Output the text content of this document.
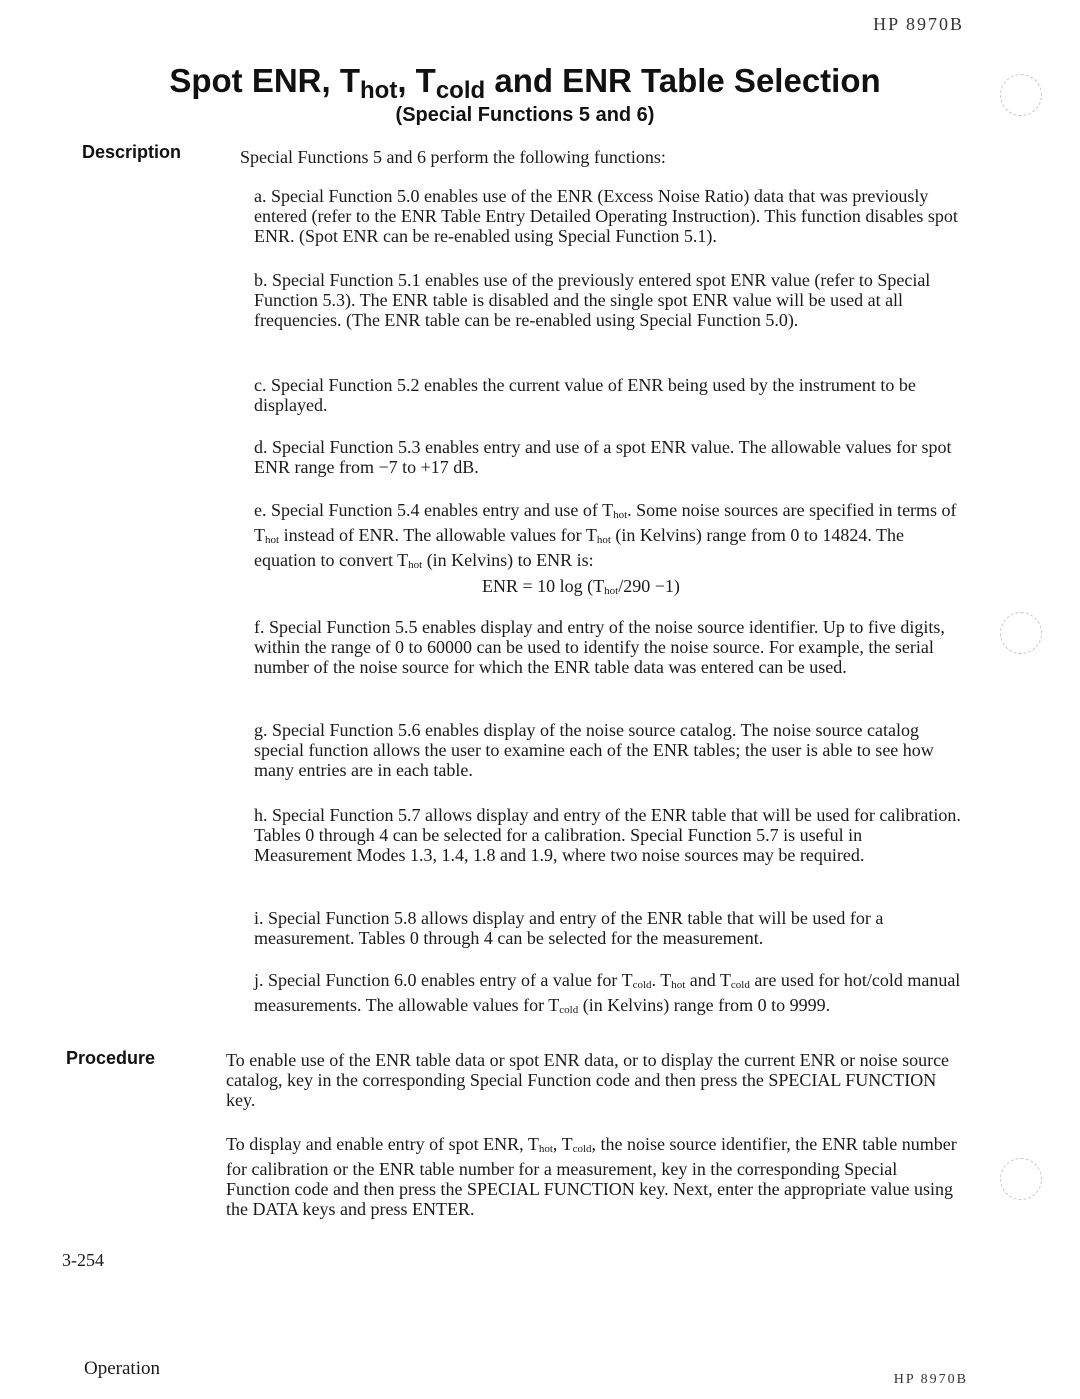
HP 8970B
Spot ENR, $T_{hot}$, $T_{cold}$ and ENR Table Selection
(Special Functions 5 and 6)
Description	Special Functions 5 and 6 perform the following functions:
a. Special Function 5.0 enables use of the ENR (Excess Noise Ratio) data that was previously entered (refer to the ENR Table Entry Detailed Operating Instruction). This function disables spot ENR. (Spot ENR can be re-enabled using Special Function 5.1).
b. Special Function 5.1 enables use of the previously entered spot ENR value (refer to Special Function 5.3). The ENR table is disabled and the single spot ENR value will be used at all frequencies. (The ENR table can be re-enabled using Special Function 5.0).
c. Special Function 5.2 enables the current value of ENR being used by the instrument to be displayed.
d. Special Function 5.3 enables entry and use of a spot ENR value. The allowable values for spot ENR range from −7 to +17 dB.
e. Special Function 5.4 enables entry and use of $T_{hot}$. Some noise sources are specified in terms of $T_{hot}$ instead of ENR. The allowable values for $T_{hot}$ (in Kelvins) range from 0 to 14824. The equation to convert $T_{hot}$ (in Kelvins) to ENR is:
ENR = 10 $\log (T_{hot}/290 -1)$
f. Special Function 5.5 enables display and entry of the noise source identifier. Up to five digits, within the range of 0 to 60000 can be used to identify the noise source. For example, the serial number of the noise source for which the ENR table data was entered can be used.
g. Special Function 5.6 enables display of the noise source catalog. The noise source catalog special function allows the user to examine each of the ENR tables; the user is able to see how many entries are in each table.
h. Special Function 5.7 allows display and entry of the ENR table that will be used for calibration. Tables 0 through 4 can be selected for a calibration. Special Function 5.7 is useful in Measurement Modes 1.3, 1.4, 1.8 and 1.9, where two noise sources may be required.
i. Special Function 5.8 allows display and entry of the ENR table that will be used for a measurement. Tables 0 through 4 can be selected for the measurement.
j. Special Function 6.0 enables entry of a value for $T_{cold}$. $T_{hot}$ and $T_{cold}$ are used for hot/cold manual measurements. The allowable values for $T_{cold}$ (in Kelvins) range from 0 to 9999.
Procedure	To enable use of the ENR table data or spot ENR data, or to display the current ENR or noise source catalog, key in the corresponding Special Function code and then press the SPECIAL FUNCTION key.
To display and enable entry of spot ENR, $T_{hot}$, $T_{cold}$, the noise source identifier, the ENR table number for calibration or the ENR table number for a measurement, key in the corresponding Special Function code and then press the SPECIAL FUNCTION key. Next, enter the appropriate value using the DATA keys and press ENTER.
3-254
Operation
HP 8970B
